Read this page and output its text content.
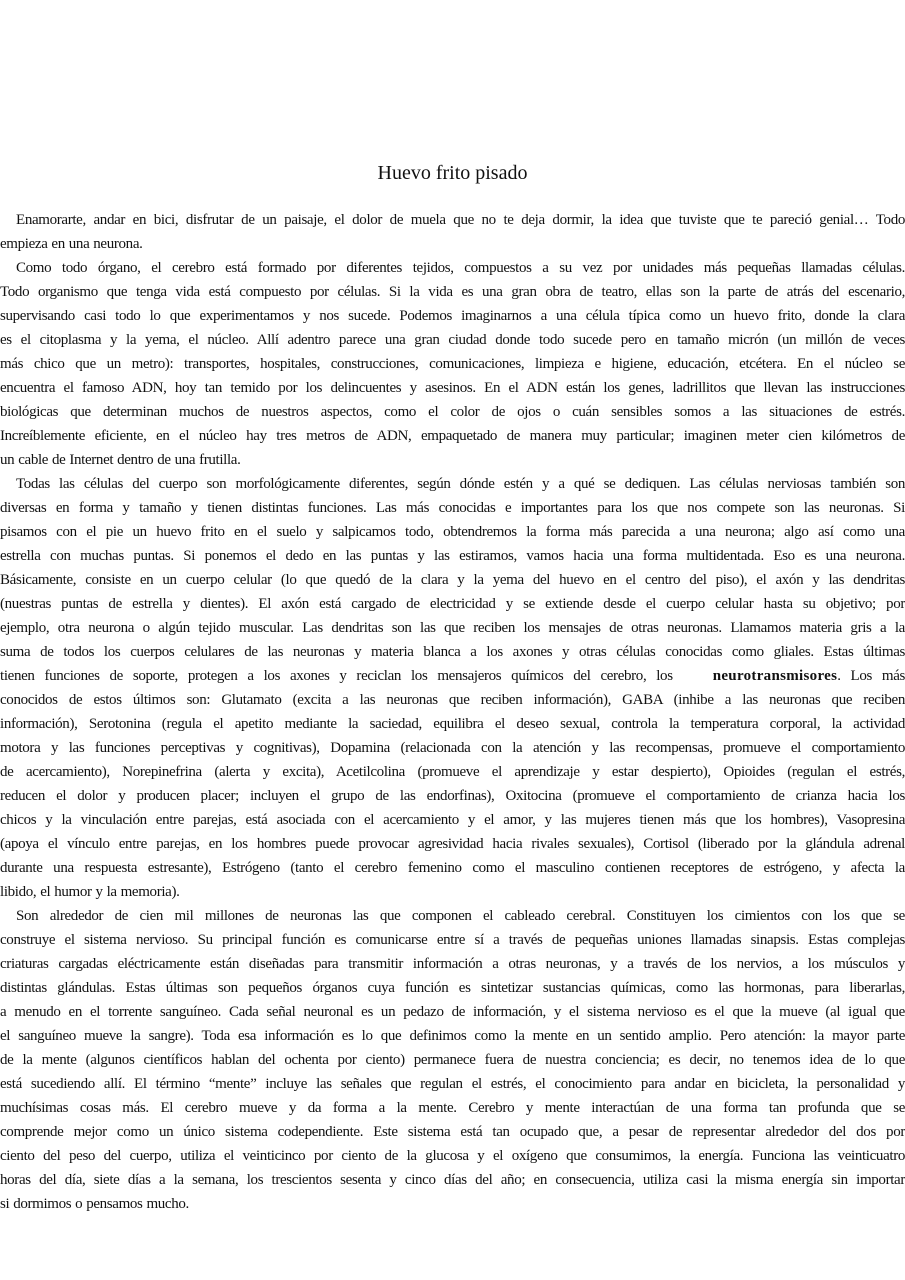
Huevo frito pisado
Enamorarte, andar en bici, disfrutar de un paisaje, el dolor de muela que no te deja dormir, la idea que tuviste que te pareció genial… Todo
empieza en una neurona.
Como todo órgano, el cerebro está formado por diferentes tejidos, compuestos a su vez por unidades más pequeñas llamadas células.
Todo organismo que tenga vida está compuesto por células. Si la vida es una gran obra de teatro, ellas son la parte de atrás del escenario,
supervisando casi todo lo que experimentamos y nos sucede. Podemos imaginarnos a una célula típica como un huevo frito, donde la clara
es el citoplasma y la yema, el núcleo. Allí adentro parece una gran ciudad donde todo sucede pero en tamaño micrón (un millón de veces
más chico que un metro): transportes, hospitales, construcciones, comunicaciones, limpieza e higiene, educación, etcétera. En el núcleo se
encuentra el famoso ADN, hoy tan temido por los delincuentes y asesinos. En el ADN están los genes, ladrillitos que llevan las instrucciones
biológicas que determinan muchos de nuestros aspectos, como el color de ojos o cuán sensibles somos a las situaciones de estrés.
Increíblemente eficiente, en el núcleo hay tres metros de ADN, empaquetado de manera muy particular; imaginen meter cien kilómetros de
un cable de Internet dentro de una frutilla.
Todas las células del cuerpo son morfológicamente diferentes, según dónde estén y a qué se dediquen. Las células nerviosas también son
diversas en forma y tamaño y tienen distintas funciones. Las más conocidas e importantes para los que nos compete son las neuronas. Si
pisamos con el pie un huevo frito en el suelo y salpicamos todo, obtendremos la forma más parecida a una neurona; algo así como una
estrella con muchas puntas. Si ponemos el dedo en las puntas y las estiramos, vamos hacia una forma multidentada. Eso es una neurona.
Básicamente, consiste en un cuerpo celular (lo que quedó de la clara y la yema del huevo en el centro del piso), el axón y las dendritas
(nuestras puntas de estrella y dientes). El axón está cargado de electricidad y se extiende desde el cuerpo celular hasta su objetivo; por
ejemplo, otra neurona o algún tejido muscular. Las dendritas son las que reciben los mensajes de otras neuronas. Llamamos materia gris a la
suma de todos los cuerpos celulares de las neuronas y materia blanca a los axones y otras células conocidas como gliales. Estas últimas
tienen funciones de soporte, protegen a los axones y reciclan los mensajeros químicos del cerebro, los	neurotransmisores. Los más
conocidos de estos últimos son: Glutamato (excita a las neuronas que reciben información), GABA (inhibe a las neuronas que reciben
información), Serotonina (regula el apetito mediante la saciedad, equilibra el deseo sexual, controla la temperatura corporal, la actividad
motora y las funciones perceptivas y cognitivas), Dopamina (relacionada con la atención y las recompensas, promueve el comportamiento
de acercamiento), Norepinefrina (alerta y excita), Acetilcolina (promueve el aprendizaje y estar despierto), Opioides (regulan el estrés,
reducen el dolor y producen placer; incluyen el grupo de las endorfinas), Oxitocina (promueve el comportamiento de crianza hacia los
chicos y la vinculación entre parejas, está asociada con el acercamiento y el amor, y las mujeres tienen más que los hombres), Vasopresina
(apoya el vínculo entre parejas, en los hombres puede provocar agresividad hacia rivales sexuales), Cortisol (liberado por la glándula adrenal
durante una respuesta estresante), Estrógeno (tanto el cerebro femenino como el masculino contienen receptores de estrógeno, y afecta la
libido, el humor y la memoria).
Son alrededor de cien mil millones de neuronas las que componen el cableado cerebral. Constituyen los cimientos con los que se
construye el sistema nervioso. Su principal función es comunicarse entre sí a través de pequeñas uniones llamadas sinapsis. Estas complejas
criaturas cargadas eléctricamente están diseñadas para transmitir información a otras neuronas, y a través de los nervios, a los músculos y
distintas glándulas. Estas últimas son pequeños órganos cuya función es sintetizar sustancias químicas, como las hormonas, para liberarlas,
a menudo en el torrente sanguíneo. Cada señal neuronal es un pedazo de información, y el sistema nervioso es el que la mueve (al igual que
el sanguíneo mueve la sangre). Toda esa información es lo que definimos como la mente en un sentido amplio. Pero atención: la mayor parte
de la mente (algunos científicos hablan del ochenta por ciento) permanece fuera de nuestra conciencia; es decir, no tenemos idea de lo que
está sucediendo allí. El término “mente” incluye las señales que regulan el estrés, el conocimiento para andar en bicicleta, la personalidad y
muchísimas cosas más. El cerebro mueve y da forma a la mente. Cerebro y mente interactúan de una forma tan profunda que se
comprende mejor como un único sistema codependiente. Este sistema está tan ocupado que, a pesar de representar alrededor del dos por
ciento del peso del cuerpo, utiliza el veinticinco por ciento de la glucosa y el oxígeno que consumimos, la energía. Funciona las veinticuatro
horas del día, siete días a la semana, los trescientos sesenta y cinco días del año; en consecuencia, utiliza casi la misma energía sin importar
si dormimos o pensamos mucho.
